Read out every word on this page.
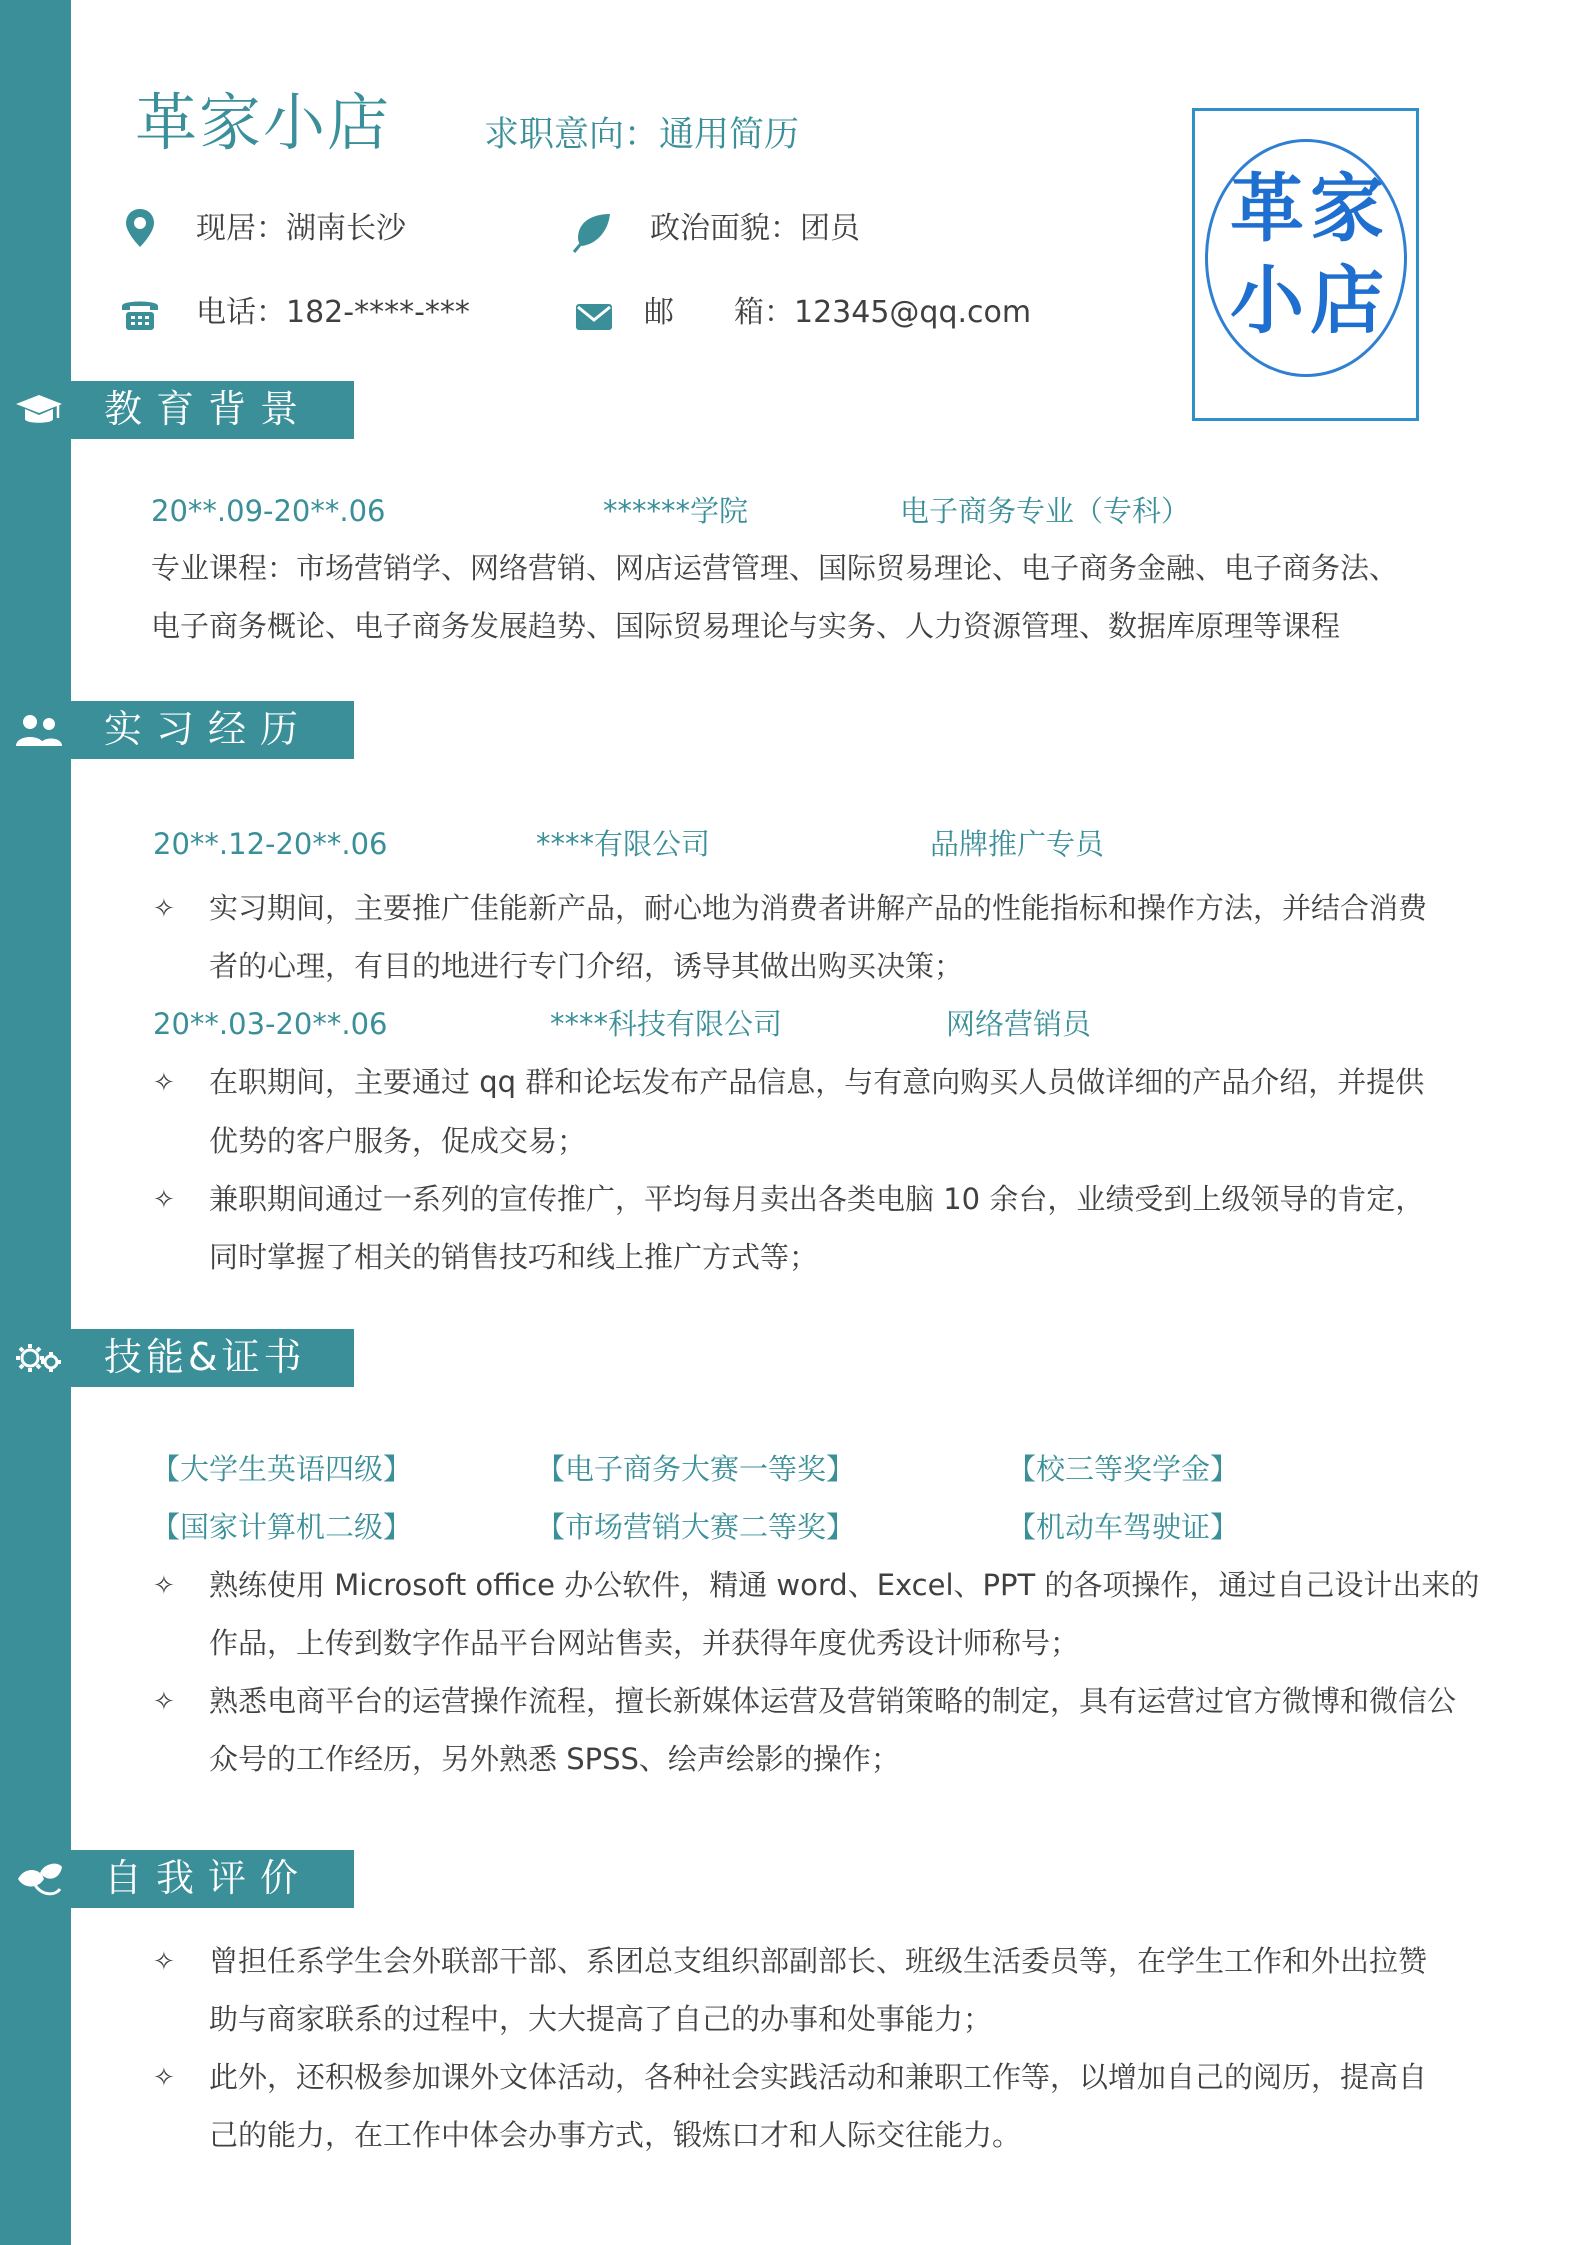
革家小店	求职意向：通用简历
现居：湖南长沙	政治面貌：团员
电话：182-****-***	邮　　箱：12345@qq.com
革 家
小 店
教育背景
20**.09-20**.06	******学院	电子商务专业（专科）
专业课程：市场营销学、网络营销、网店运营管理、国际贸易理论、电子商务金融、电子商务法、
电子商务概论、电子商务发展趋势、国际贸易理论与实务、人力资源管理、数据库原理等课程
实习经历
20**.12-20**.06	****有限公司	品牌推广专员
✧ 实习期间，主要推广佳能新产品，耐心地为消费者讲解产品的性能指标和操作方法，并结合消费
者的心理，有目的地进行专门介绍，诱导其做出购买决策；
20**.03-20**.06	****科技有限公司	网络营销员
✧ 在职期间，主要通过 qq 群和论坛发布产品信息，与有意向购买人员做详细的产品介绍，并提供
优势的客户服务，促成交易；
✧ 兼职期间通过一系列的宣传推广，平均每月卖出各类电脑 10 余台，业绩受到上级领导的肯定，
同时掌握了相关的销售技巧和线上推广方式等；
技能&证书
【大学生英语四级】	【电子商务大赛一等奖】	【校三等奖学金】
【国家计算机二级】	【市场营销大赛二等奖】	【机动车驾驶证】
✧ 熟练使用 Microsoft office 办公软件，精通 word、Excel、PPT 的各项操作，通过自己设计出来的
作品，上传到数字作品平台网站售卖，并获得年度优秀设计师称号；
✧ 熟悉电商平台的运营操作流程，擅长新媒体运营及营销策略的制定，具有运营过官方微博和微信公
众号的工作经历，另外熟悉 SPSS、绘声绘影的操作；
自我评价
✧ 曾担任系学生会外联部干部、系团总支组织部副部长、班级生活委员等，在学生工作和外出拉赞
助与商家联系的过程中，大大提高了自己的办事和处事能力；
✧ 此外，还积极参加课外文体活动，各种社会实践活动和兼职工作等，以增加自己的阅历，提高自
己的能力，在工作中体会办事方式，锻炼口才和人际交往能力。
